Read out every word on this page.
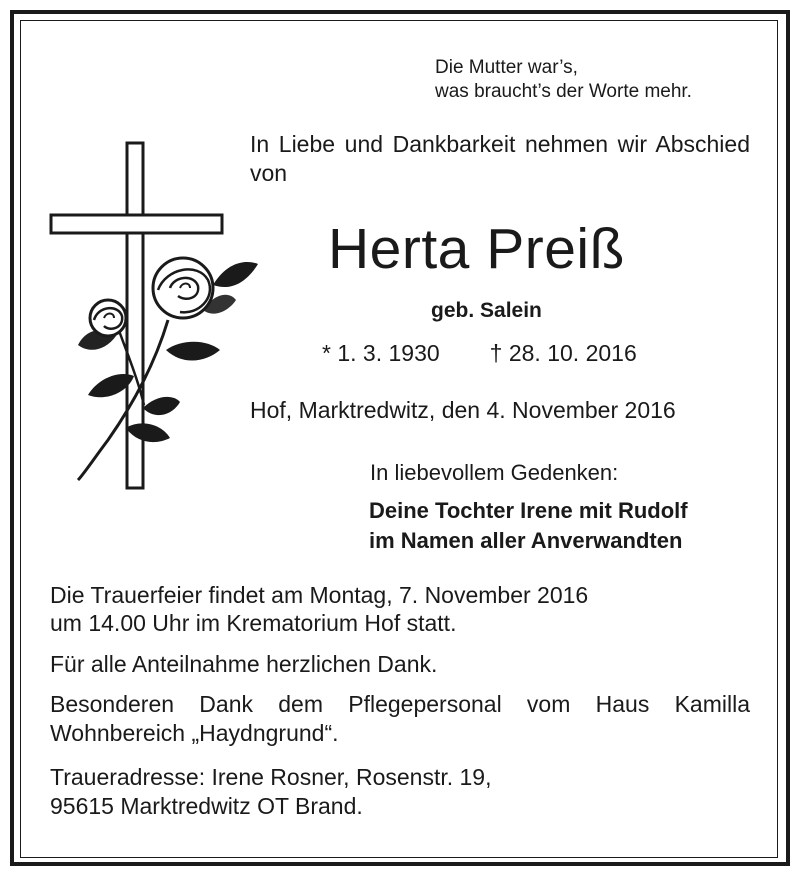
Die Mutter war’s,
was braucht’s der Worte mehr.

In Liebe und Dankbarkeit nehmen wir Abschied von

Herta Preiß

geb. Salein

* 1. 3. 1930 † 28. 10. 2016

Hof, Marktredwitz, den 4. November 2016

In liebevollem Gedenken:

Deine Tochter Irene mit Rudolf
im Namen aller Anverwandten

Die Trauerfeier findet am Montag, 7. November 2016
um 14.00 Uhr im Krematorium Hof statt.

Für alle Anteilnahme herzlichen Dank.

Besonderen Dank dem Pflegepersonal vom Haus Kamilla Wohnbereich „Haydngrund“.

Traueradresse: Irene Rosner, Rosenstr. 19,
95615 Marktredwitz OT Brand.
